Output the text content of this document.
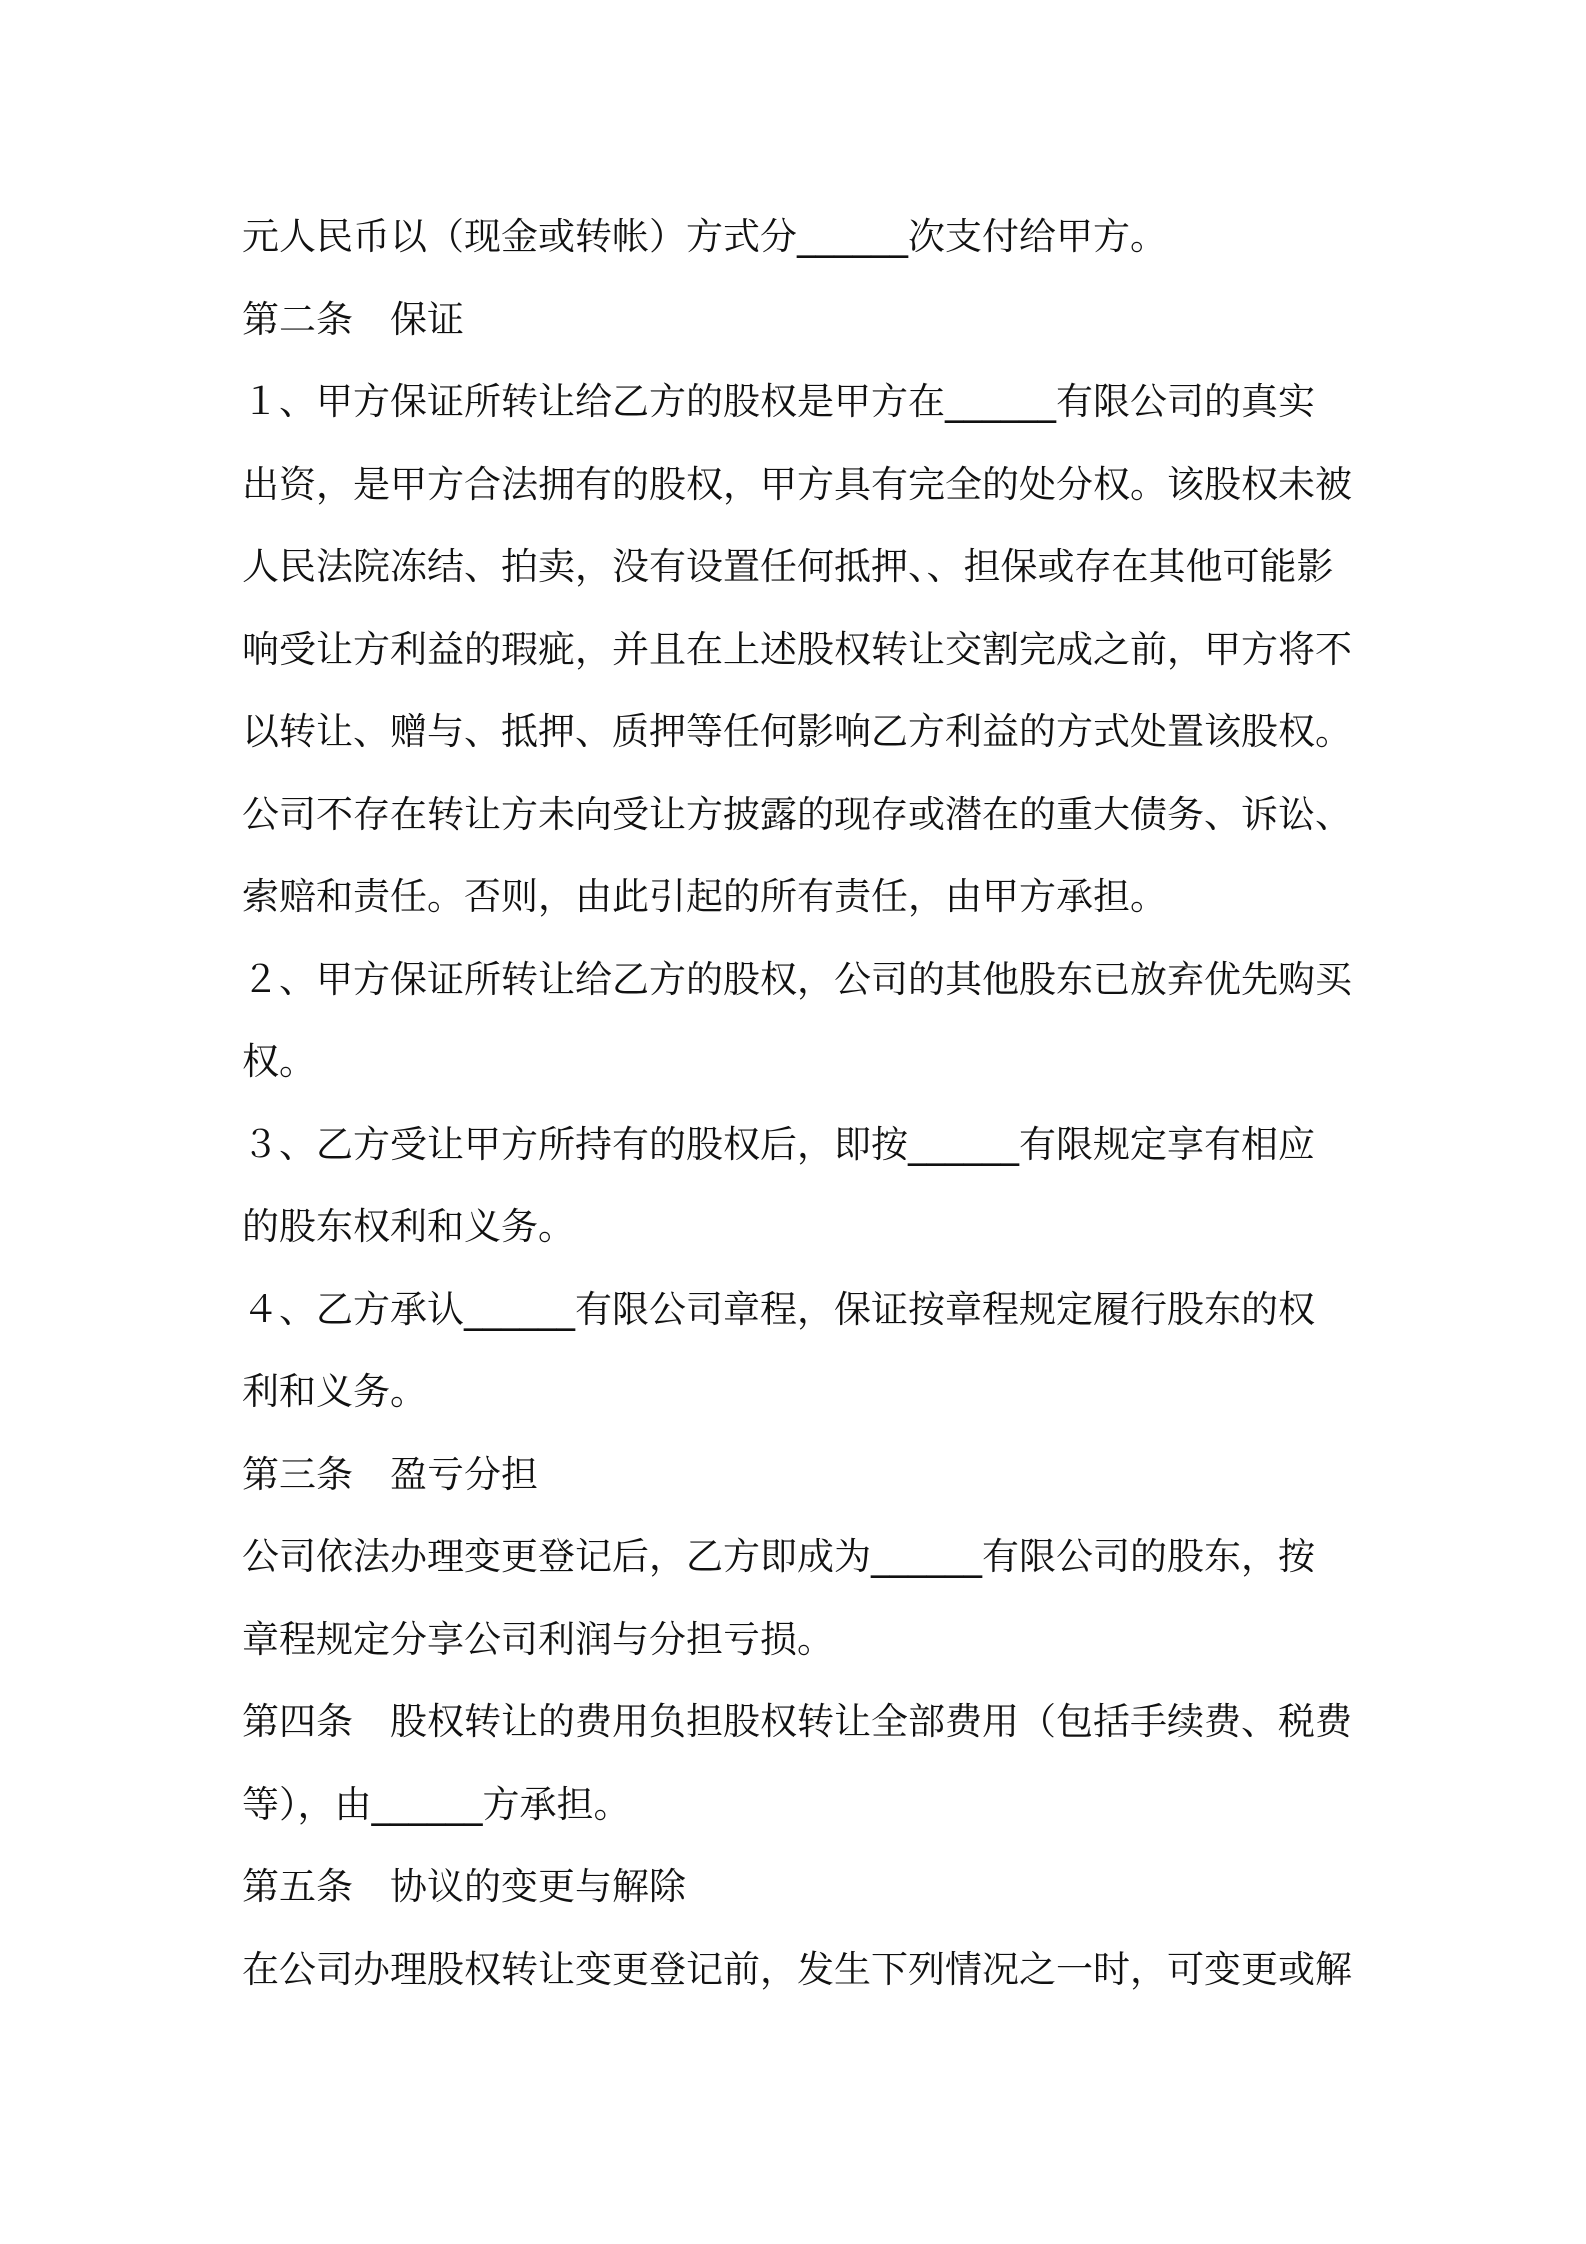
元人民币以（现金或转帐）方式分______次支付给甲方。
第二条　保证
１、甲方保证所转让给乙方的股权是甲方在______有限公司的真实
出资，是甲方合法拥有的股权，甲方具有完全的处分权。该股权未被
人民法院冻结、拍卖，没有设置任何抵押、、担保或存在其他可能影
响受让方利益的瑕疵，并且在上述股权转让交割完成之前，甲方将不
以转让、赠与、抵押、质押等任何影响乙方利益的方式处置该股权。
公司不存在转让方未向受让方披露的现存或潜在的重大债务、诉讼、
索赔和责任。否则，由此引起的所有责任，由甲方承担。
２、甲方保证所转让给乙方的股权，公司的其他股东已放弃优先购买
权。
３、乙方受让甲方所持有的股权后，即按______有限规定享有相应
的股东权利和义务。
４、乙方承认______有限公司章程，保证按章程规定履行股东的权
利和义务。
第三条　盈亏分担
公司依法办理变更登记后，乙方即成为______有限公司的股东，按
章程规定分享公司利润与分担亏损。
第四条　股权转让的费用负担股权转让全部费用（包括手续费、税费
等），由______方承担。
第五条　协议的变更与解除
在公司办理股权转让变更登记前，发生下列情况之一时，可变更或解
